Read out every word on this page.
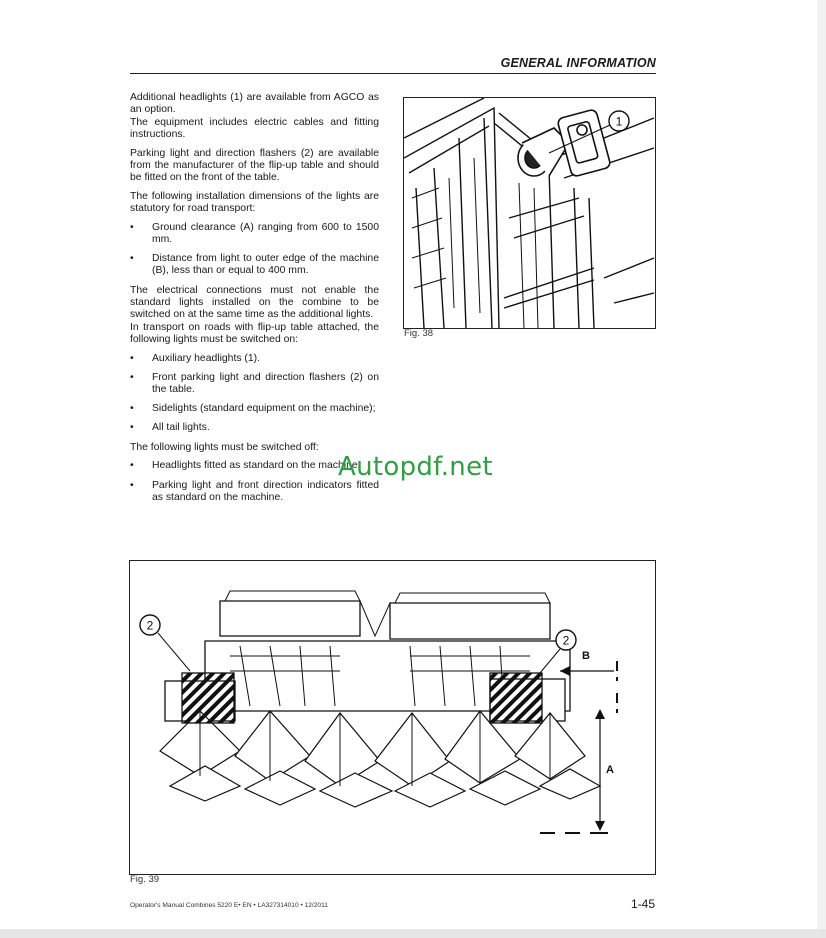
GENERAL INFORMATION

Additional headlights (1) are available from AGCO as an option.

The equipment includes electric cables and fitting instructions.

Parking light and direction flashers (2) are available from the manufacturer of the flip-up table and should be fitted on the front of the table.

The following installation dimensions of the lights are statutory for road transport:

• Ground clearance (A) ranging from 600 to 1500 mm.
• Distance from light to outer edge of the machine (B), less than or equal to 400 mm.

The electrical connections must not enable the standard lights installed on the combine to be switched on at the same time as the additional lights.

In transport on roads with flip-up table attached, the following lights must be switched on:

• Auxiliary headlights (1).
• Front parking light and direction flashers (2) on the table.
• Sidelights (standard equipment on the machine);
• All tail lights.

The following lights must be switched off:

• Headlights fitted as standard on the machine.
• Parking light and front direction indicators fitted as standard on the machine.
1
Fig. 38
Autopdf.net
2
2
B
A
Fig. 39
Operator's Manual Combines 5220 E• EN • LA327314010 • 12/2011	1-45
